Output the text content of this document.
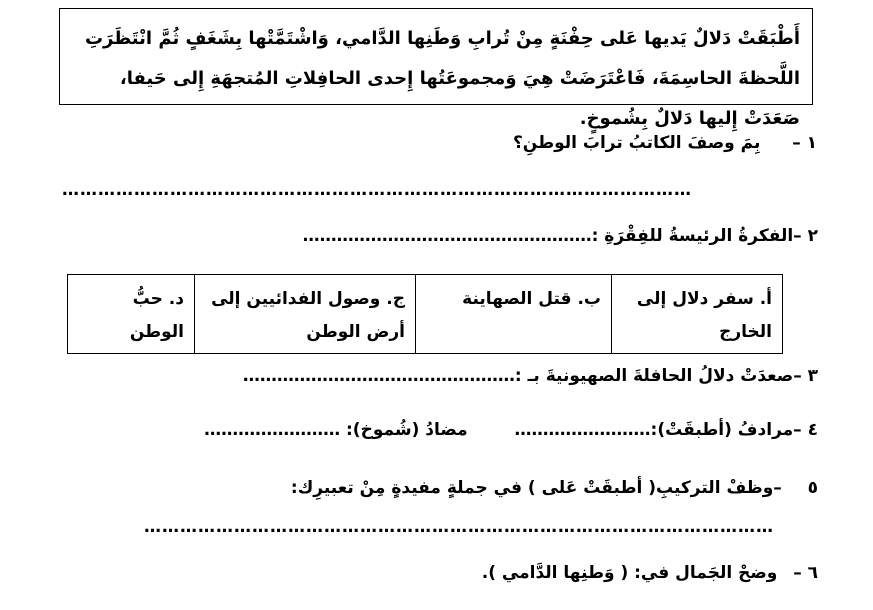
أَطْبَقَتْ دَلالٌ يَديها عَلى حِفْنَةٍ مِنْ تُرابِ وَطَنِها الدَّامي، وَاشْتَمَّتْها بِشَغَفٍ ثُمَّ انْتَظَرَتِ اللَّحظةَ الحاسِمَةَ، فَاعْتَرَضَتْ هِيَ وَمجموعَتُها إِحدى الحافِلاتِ المُتجهَةِ إِلى حَيفا، صَعَدَتْ إِليها دَلالٌ بِشُموخٍ.
١ –  بِمَ وصفَ الكاتبُ ترابَ الوطنِ؟
……………………………………………………………………………………………
٢ –الفكرةُ الرئيسةُ للفِقْرَةِ :……………………………………………
أ. سفر دلال إلى الخارج	ب. قتل الصهاينة	ج. وصول الفدائيين إلى أرض الوطن	د. حبُّ الوطن
٣ –صعدَتْ دلالُ الحافلةَ الصهيونيةَ بـ :…………………………………………
٤ –مرادفُ (أطبقَتْ):……………………  مضادُ (شُموخ): ……………………
٥  –وظفْ التركيبِ( أطبقَتْ عَلى ) في جملةٍ مفيدةٍ مِنْ تعبيرِك:
……………………………………………………………………………………………
٦ –  وضحْ الجَمال في: ( وَطنِها الدَّامي ).
